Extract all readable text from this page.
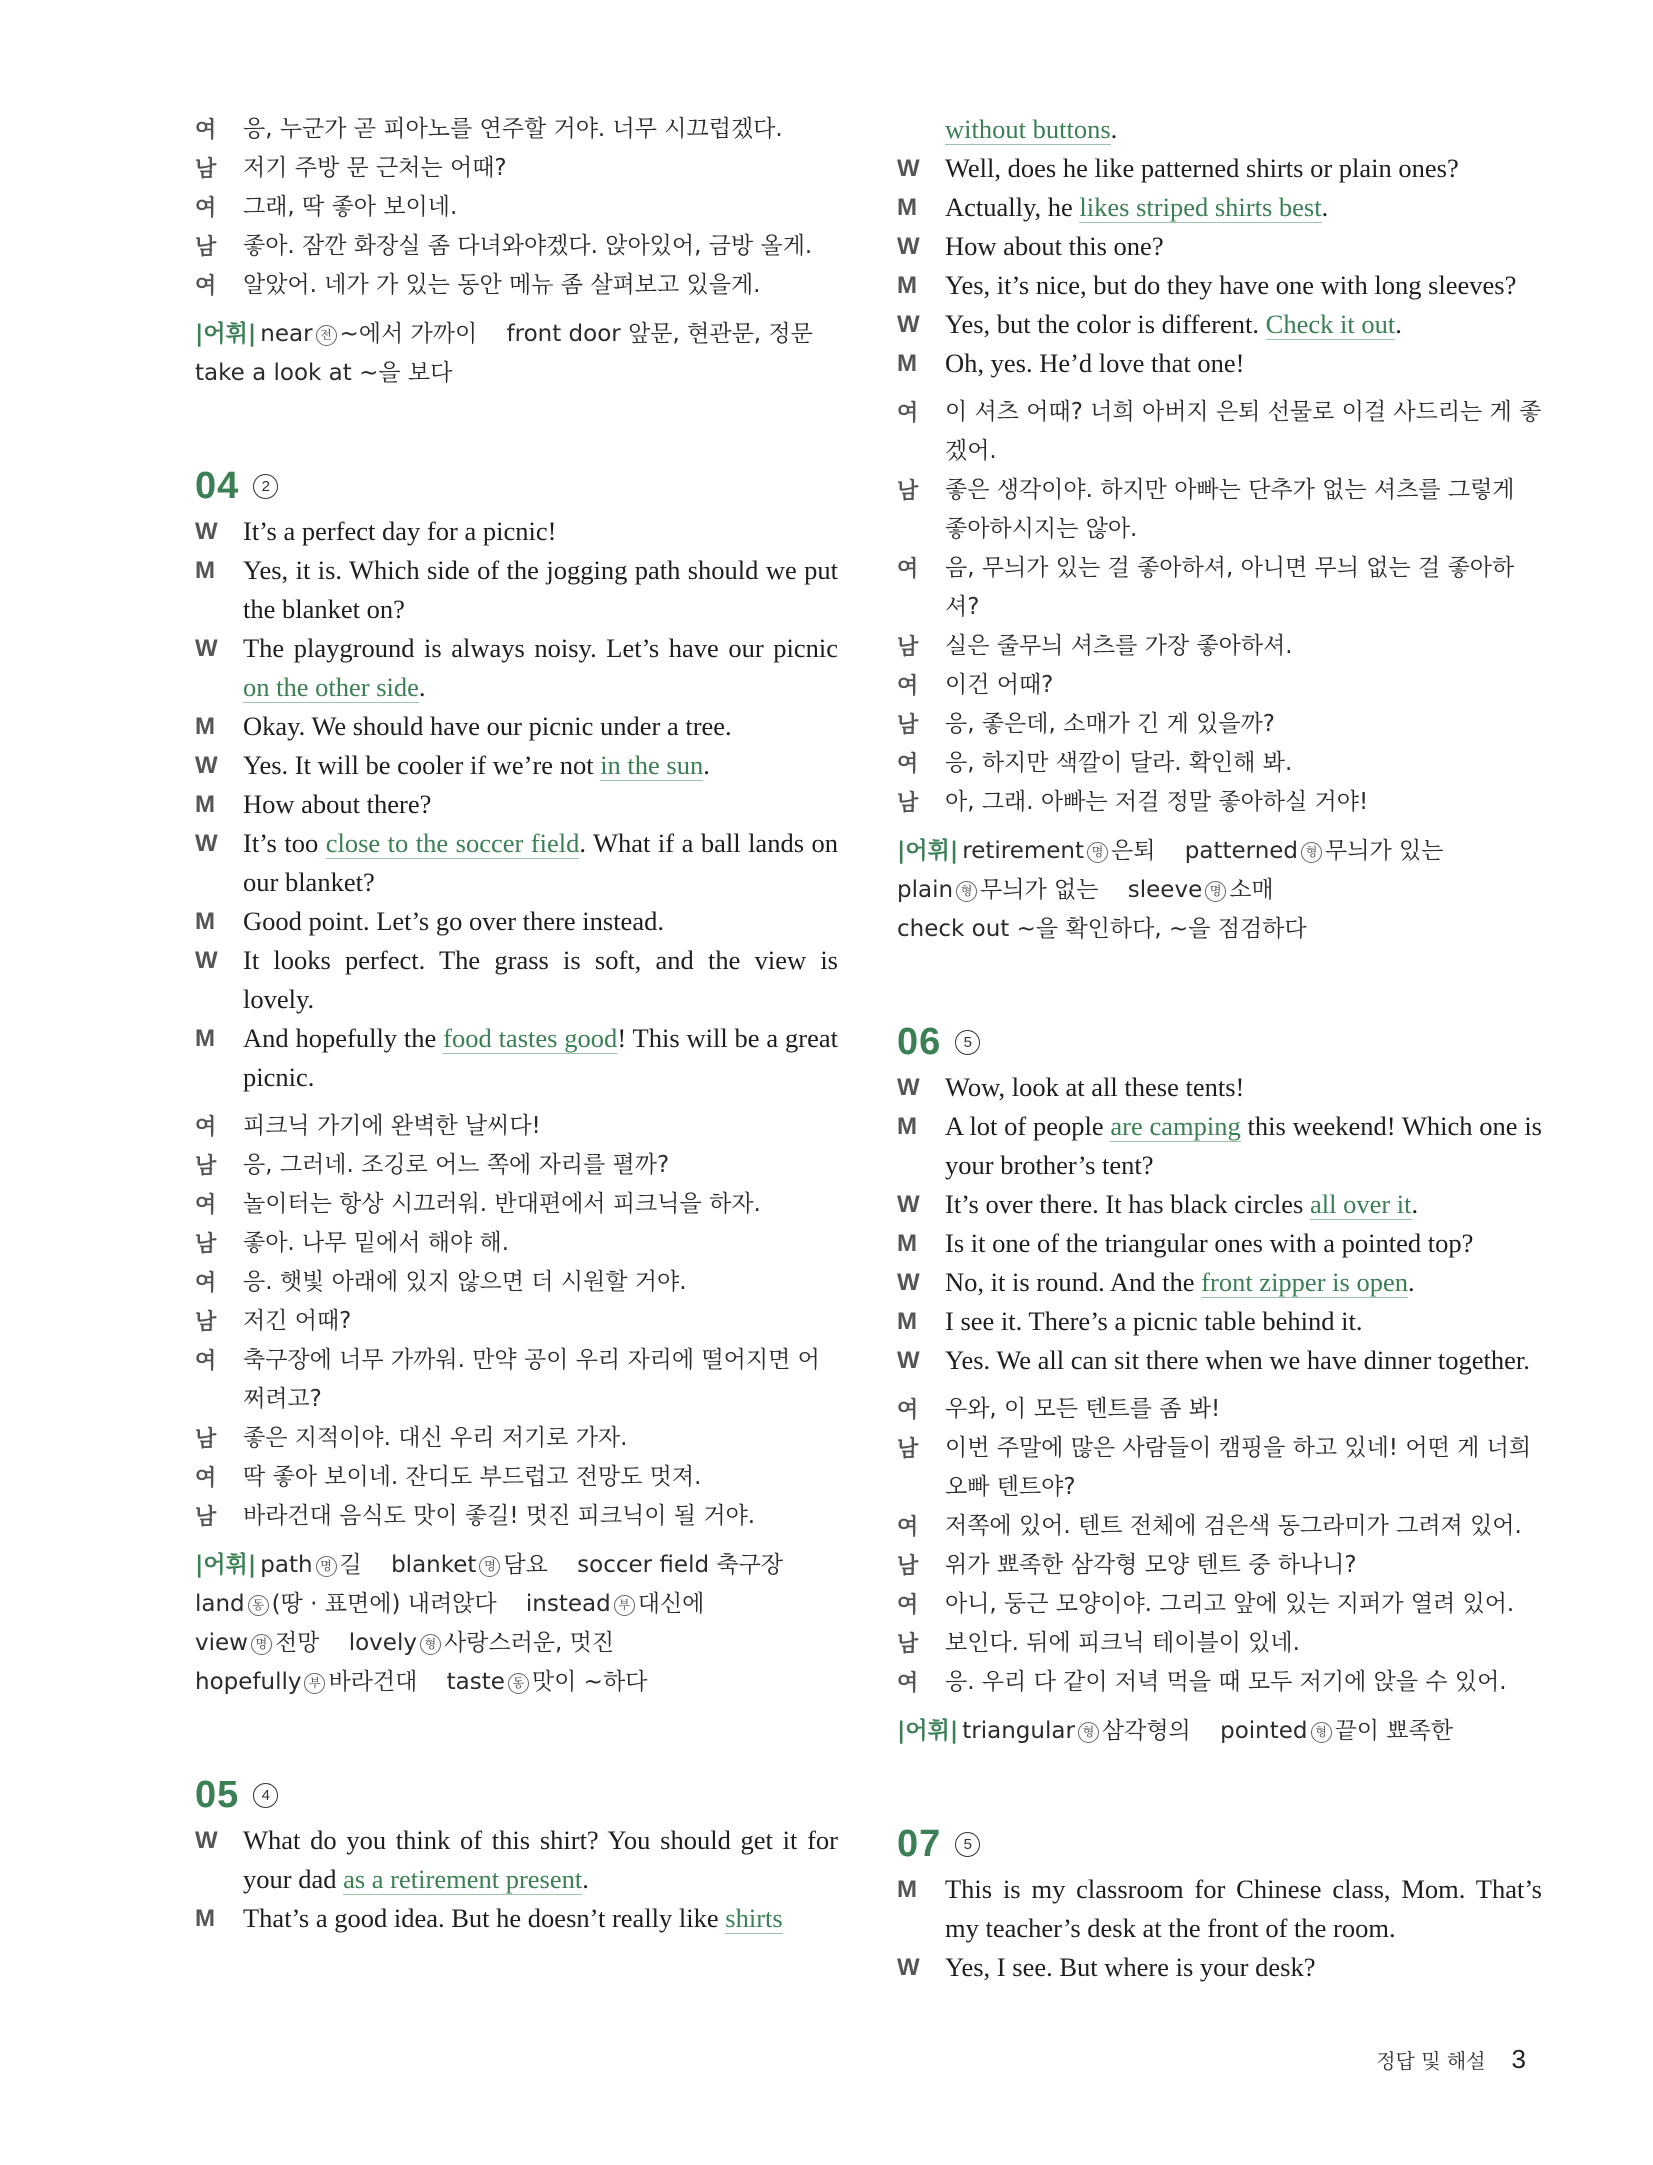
여	응, 누군가 곧 피아노를 연주할 거야. 너무 시끄럽겠다.
남	저기 주방 문 근처는 어때?
여	그래, 딱 좋아 보이네.
남	좋아. 잠깐 화장실 좀 다녀와야겠다. 앉아있어, 금방 올게.
여	알았어. 네가 가 있는 동안 메뉴 좀 살펴보고 있을게.
|어휘| near 전 ~에서 가까이 front door 앞문, 현관문, 정문 take a look at ~을 보다
04	2
W It’s a perfect day for a picnic!
M	Yes, it is. Which side of the jogging path should we put the blanket on?
W The playground is always noisy. Let’s have our picnic on the other side.
M	Okay. We should have our picnic under a tree.
W Yes. It will be cooler if we’re not in the sun.
M	How about there?
W It’s too close to the soccer field. What if a ball lands on our blanket?
M	Good point. Let’s go over there instead.
W It looks perfect. The grass is soft, and the view is lovely.
M	And hopefully the food tastes good! This will be a great picnic.
여	피크닉 가기에 완벽한 날씨다!
남	응, 그러네. 조깅로 어느 쪽에 자리를 펼까?
여	놀이터는 항상 시끄러워. 반대편에서 피크닉을 하자.
남	좋아. 나무 밑에서 해야 해.
여	응. 햇빛 아래에 있지 않으면 더 시원할 거야.
남	저긴 어때?
여	축구장에 너무 가까워. 만약 공이 우리 자리에 떨어지면 어쩌려고?
남	좋은 지적이야. 대신 우리 저기로 가자.
여	딱 좋아 보이네. 잔디도 부드럽고 전망도 멋져.
남	바라건대 음식도 맛이 좋길! 멋진 피크닉이 될 거야.
|어휘| path 명 길 blanket 명 담요 soccer field 축구장 land 동 (땅 · 표면에) 내려앉다 instead 부 대신에 view 명 전망 lovely 형 사랑스러운, 멋진 hopefully 부 바라건대 taste 동 맛이 ~하다
05	4
W What do you think of this shirt? You should get it for your dad as a retirement present.
M	That’s a good idea. But he doesn’t really like shirts
without buttons.
W Well, does he like patterned shirts or plain ones?
M	Actually, he likes striped shirts best.
W How about this one?
M	Yes, it’s nice, but do they have one with long sleeves?
W Yes, but the color is different. Check it out.
M	Oh, yes. He’d love that one!
여	이 셔츠 어때? 너희 아버지 은퇴 선물로 이걸 사드리는 게 좋겠어.
남	좋은 생각이야. 하지만 아빠는 단추가 없는 셔츠를 그렇게 좋아하시지는 않아.
여	음, 무늬가 있는 걸 좋아하셔, 아니면 무늬 없는 걸 좋아하셔?
남	실은 줄무늬 셔츠를 가장 좋아하셔.
여	이건 어때?
남	응, 좋은데, 소매가 긴 게 있을까?
여	응, 하지만 색깔이 달라. 확인해 봐.
남	아, 그래. 아빠는 저걸 정말 좋아하실 거야!
|어휘| retirement 명 은퇴 patterned 형 무늬가 있는 plain 형 무늬가 없는 sleeve 명 소매 check out ~을 확인하다, ~을 점검하다
06	5
W Wow, look at all these tents!
M	A lot of people are camping this weekend! Which one is your brother’s tent?
W It’s over there. It has black circles all over it.
M	Is it one of the triangular ones with a pointed top?
W No, it is round. And the front zipper is open.
M	I see it. There’s a picnic table behind it.
W Yes. We all can sit there when we have dinner together.
여	우와, 이 모든 텐트를 좀 봐!
남	이번 주말에 많은 사람들이 캠핑을 하고 있네! 어떤 게 너희 오빠 텐트야?
여	저쪽에 있어. 텐트 전체에 검은색 동그라미가 그려져 있어.
남	위가 뾰족한 삼각형 모양 텐트 중 하나니?
여	아니, 둥근 모양이야. 그리고 앞에 있는 지퍼가 열려 있어.
남	보인다. 뒤에 피크닉 테이블이 있네.
여	응. 우리 다 같이 저녁 먹을 때 모두 저기에 앉을 수 있어.
|어휘| triangular 형 삼각형의 pointed 형 끝이 뾰족한
07	5
M	This is my classroom for Chinese class, Mom. That’s my teacher’s desk at the front of the room.
W Yes, I see. But where is your desk?
정답 및 해설 3
